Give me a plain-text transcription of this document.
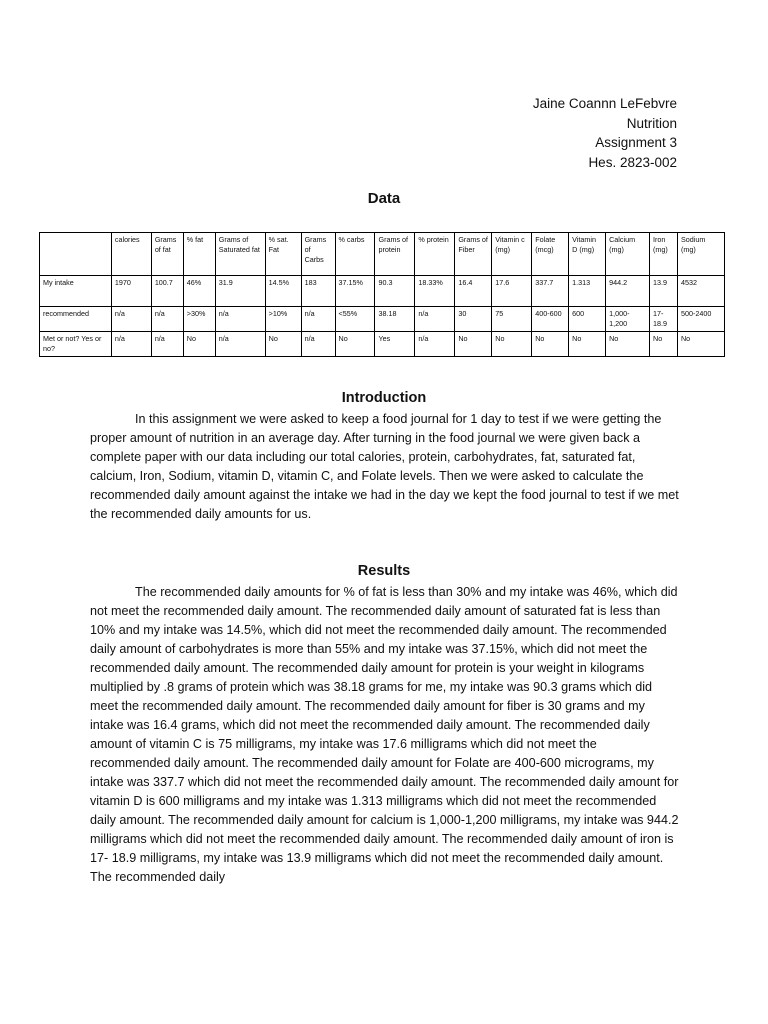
Jaine Coannn LeFebvre
Nutrition
Assignment 3
Hes. 2823-002
Data
	calories	Grams of fat	% fat	Grams of Saturated fat	% sat. Fat	Grams of Carbs	% carbs	Grams of protein	% protein	Grams of Fiber	Vitamin c (mg)	Folate (mcg)	Vitamin D (mg)	Calcium (mg)	Iron (mg)	Sodium (mg)
My intake	1970	100.7	46%	31.9	14.5%	183	37.15%	90.3	18.33%	16.4	17.6	337.7	1.313	944.2	13.9	4532
recommended	n/a	n/a	>30%	n/a	>10%	n/a	<55%	38.18	n/a	30	75	400-600	600	1,000-1,200	17-18.9	500-2400
Met or not? Yes or no?	n/a	n/a	No	n/a	No	n/a	No	Yes	n/a	No	No	No	No	No	No	No
Introduction
In this assignment we were asked to keep a food journal for 1 day to test if we were getting the proper amount of nutrition in an average day. After turning in the food journal we were given back a complete paper with our data including our total calories, protein, carbohydrates, fat, saturated fat, calcium, Iron, Sodium, vitamin D, vitamin C, and Folate levels. Then we were asked to calculate the recommended daily amount against the intake we had in the day we kept the food journal to test if we met the recommended daily amounts for us.
Results
The recommended daily amounts for % of fat is less than 30% and my intake was 46%, which did not meet the recommended daily amount. The recommended daily amount of saturated fat is less than 10% and my intake was 14.5%, which did not meet the recommended daily amount. The recommended daily amount of carbohydrates is more than 55% and my intake was 37.15%, which did not meet the recommended daily amount. The recommended daily amount for protein is your weight in kilograms multiplied by .8 grams of protein which was 38.18 grams for me, my intake was 90.3 grams which did meet the recommended daily amount. The recommended daily amount for fiber is 30 grams and my intake was 16.4 grams, which did not meet the recommended daily amount. The recommended daily amount of vitamin C is 75 milligrams, my intake was 17.6 milligrams which did not meet the recommended daily amount. The recommended daily amount for Folate are 400-600 micrograms, my intake was 337.7 which did not meet the recommended daily amount. The recommended daily amount for vitamin D is 600 milligrams and my intake was 1.313 milligrams which did not meet the recommended daily amount. The recommended daily amount for calcium is 1,000-1,200 milligrams, my intake was 944.2 milligrams which did not meet the recommended daily amount. The recommended daily amount of iron is 17- 18.9 milligrams, my intake was 13.9 milligrams which did not meet the recommended daily amount. The recommended daily
